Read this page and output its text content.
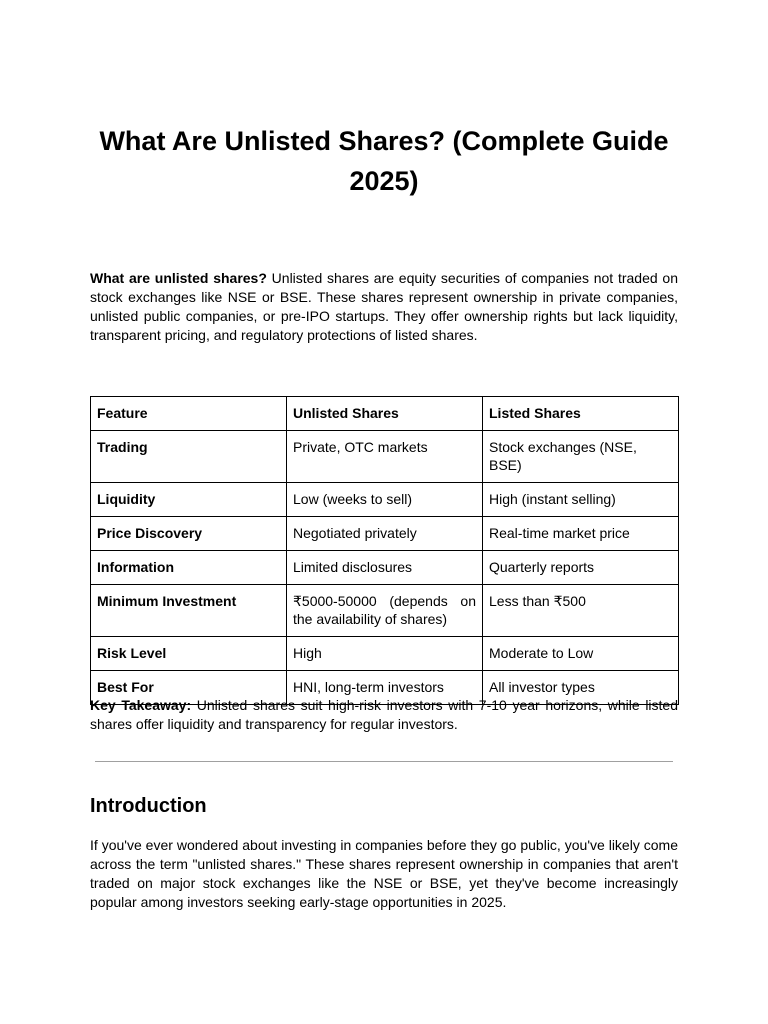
What Are Unlisted Shares? (Complete Guide 2025)

What are unlisted shares? Unlisted shares are equity securities of companies not traded on stock exchanges like NSE or BSE. These shares represent ownership in private companies, unlisted public companies, or pre-IPO startups. They offer ownership rights but lack liquidity, transparent pricing, and regulatory protections of listed shares.

Feature	Unlisted Shares	Listed Shares
Trading	Private, OTC markets	Stock exchanges (NSE, BSE)
Liquidity	Low (weeks to sell)	High (instant selling)
Price Discovery	Negotiated privately	Real-time market price
Information	Limited disclosures	Quarterly reports
Minimum Investment	₹5000-50000 (depends on the availability of shares)	Less than ₹500
Risk Level	High	Moderate to Low
Best For	HNI, long-term investors	All investor types

Key Takeaway: Unlisted shares suit high-risk investors with 7-10 year horizons, while listed shares offer liquidity and transparency for regular investors.

Introduction

If you've ever wondered about investing in companies before they go public, you've likely come across the term "unlisted shares." These shares represent ownership in companies that aren't traded on major stock exchanges like the NSE or BSE, yet they've become increasingly popular among investors seeking early-stage opportunities in 2025.
